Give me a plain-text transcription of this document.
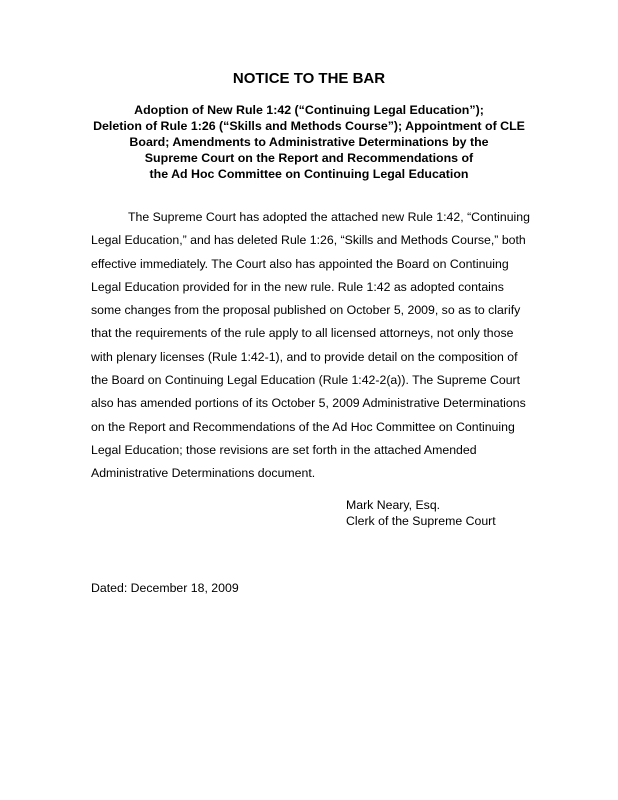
NOTICE TO THE BAR
Adoption of New Rule 1:42 (“Continuing Legal Education”);
Deletion of Rule 1:26 (“Skills and Methods Course”); Appointment of CLE
Board; Amendments to Administrative Determinations by the
Supreme Court on the Report and Recommendations of
the Ad Hoc Committee on Continuing Legal Education
The Supreme Court has adopted the attached new Rule 1:42, “Continuing
Legal Education,” and has deleted Rule 1:26, “Skills and Methods Course,” both
effective immediately. The Court also has appointed the Board on Continuing
Legal Education provided for in the new rule. Rule 1:42 as adopted contains
some changes from the proposal published on October 5, 2009, so as to clarify
that the requirements of the rule apply to all licensed attorneys, not only those
with plenary licenses (Rule 1:42-1), and to provide detail on the composition of
the Board on Continuing Legal Education (Rule 1:42-2(a)). The Supreme Court
also has amended portions of its October 5, 2009 Administrative Determinations
on the Report and Recommendations of the Ad Hoc Committee on Continuing
Legal Education; those revisions are set forth in the attached Amended
Administrative Determinations document.
Mark Neary, Esq.
Clerk of the Supreme Court
Dated: December 18, 2009
